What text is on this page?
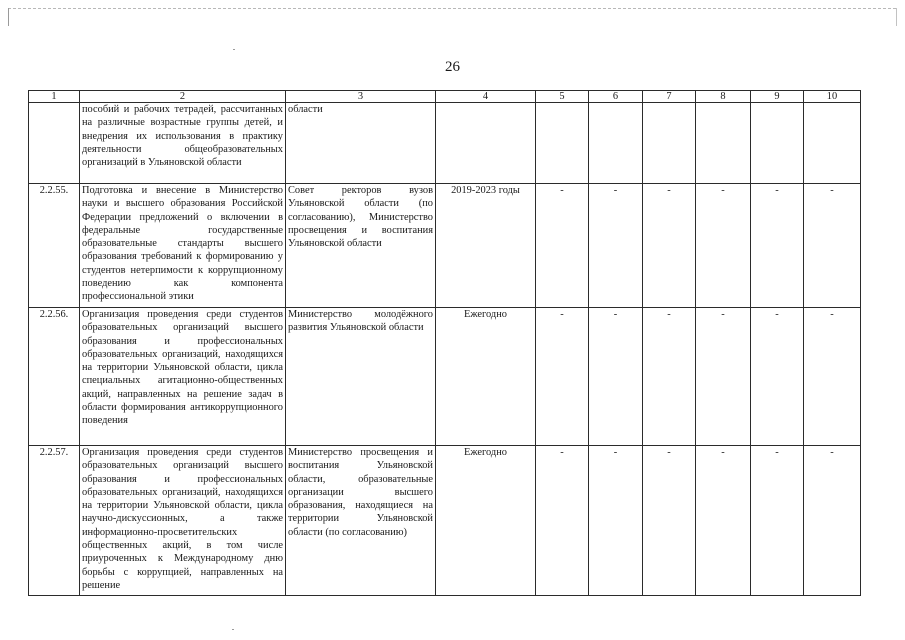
26
1	2	3	4	5	6	7	8	9	10
	пособий и рабочих тетрадей, рассчитанных на различные возрастные группы детей, и внедрения их использования в практику деятельности общеобразовательных организаций в Ульяновской области	области							
2.2.55.	Подготовка и внесение в Министерство науки и высшего образования Российской Федерации предложений о включении в федеральные государственные образовательные стандарты высшего образования требований к формированию у студентов нетерпимости к коррупционному поведению как компонента профессиональной этики	Совет ректоров вузов Ульяновской области (по согласованию), Министерство просвещения и воспитания Ульяновской области	2019-2023 годы	-	-	-	-	-	-
2.2.56.	Организация проведения среди студентов образовательных организаций высшего образования и профессиональных образовательных организаций, находящихся на территории Ульяновской области, цикла специальных агитационно-общественных акций, направленных на решение задач в области формирования антикоррупционного поведения	Министерство молодёжного развития Ульяновской области	Ежегодно	-	-	-	-	-	-
2.2.57.	Организация проведения среди студентов образовательных организаций высшего образования и профессиональных образовательных организаций, находящихся на территории Ульяновской области, цикла научно-дискуссионных, а также информационно-просветительских общественных акций, в том числе приуроченных к Международному дню борьбы с коррупцией, направленных на решение	Министерство просвещения и воспитания Ульяновской области, образовательные организации высшего образования, находящиеся на территории Ульяновской области (по согласованию)	Ежегодно	-	-	-	-	-	-
